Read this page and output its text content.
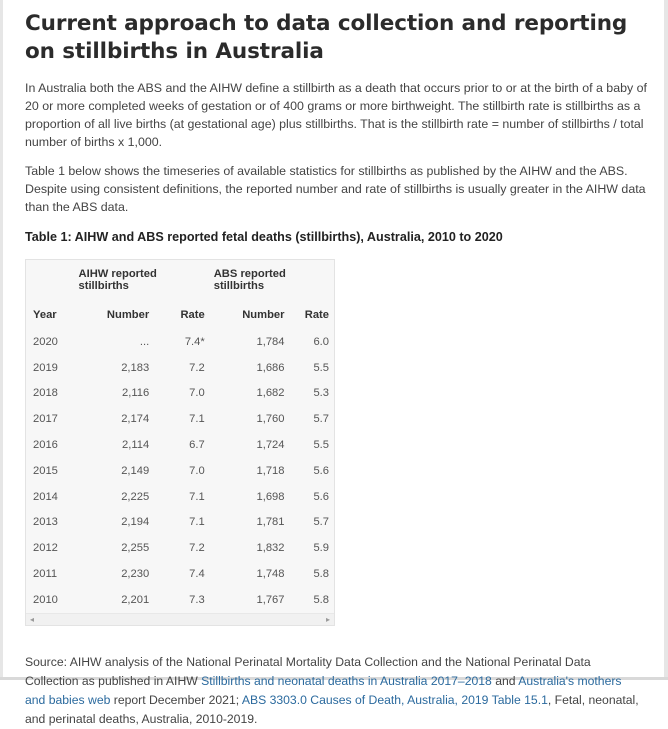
Current approach to data collection and reporting on stillbirths in Australia

In Australia both the ABS and the AIHW define a stillbirth as a death that occurs prior to or at the birth of a baby of 20 or more completed weeks of gestation or of 400 grams or more birthweight. The stillbirth rate is stillbirths as a proportion of all live births (at gestational age) plus stillbirths. That is the stillbirth rate = number of stillbirths / total number of births x 1,000.

Table 1 below shows the timeseries of available statistics for stillbirths as published by the AIHW and the ABS. Despite using consistent definitions, the reported number and rate of stillbirths is usually greater in the AIHW data than the ABS data.

Table 1: AIHW and ABS reported fetal deaths (stillbirths), Australia, 2010 to 2020
	AIHW reported stillbirths		ABS reported stillbirths	
Year	Number	Rate	Number	Rate
2020	...	7.4*	1,784	6.0
2019	2,183	7.2	1,686	5.5
2018	2,116	7.0	1,682	5.3
2017	2,174	7.1	1,760	5.7
2016	2,114	6.7	1,724	5.5
2015	2,149	7.0	1,718	5.6
2014	2,225	7.1	1,698	5.6
2013	2,194	7.1	1,781	5.7
2012	2,255	7.2	1,832	5.9
2011	2,230	7.4	1,748	5.8
2010	2,201	7.3	1,767	5.8
◂	▸

Source: AIHW analysis of the National Perinatal Mortality Data Collection and the National Perinatal Data Collection as published in AIHW Stillbirths and neonatal deaths in Australia 2017–2018 and Australia's mothers and babies web report December 2021; ABS 3303.0 Causes of Death, Australia, 2019 Table 15.1, Fetal, neonatal, and perinatal deaths, Australia, 2010-2019.
